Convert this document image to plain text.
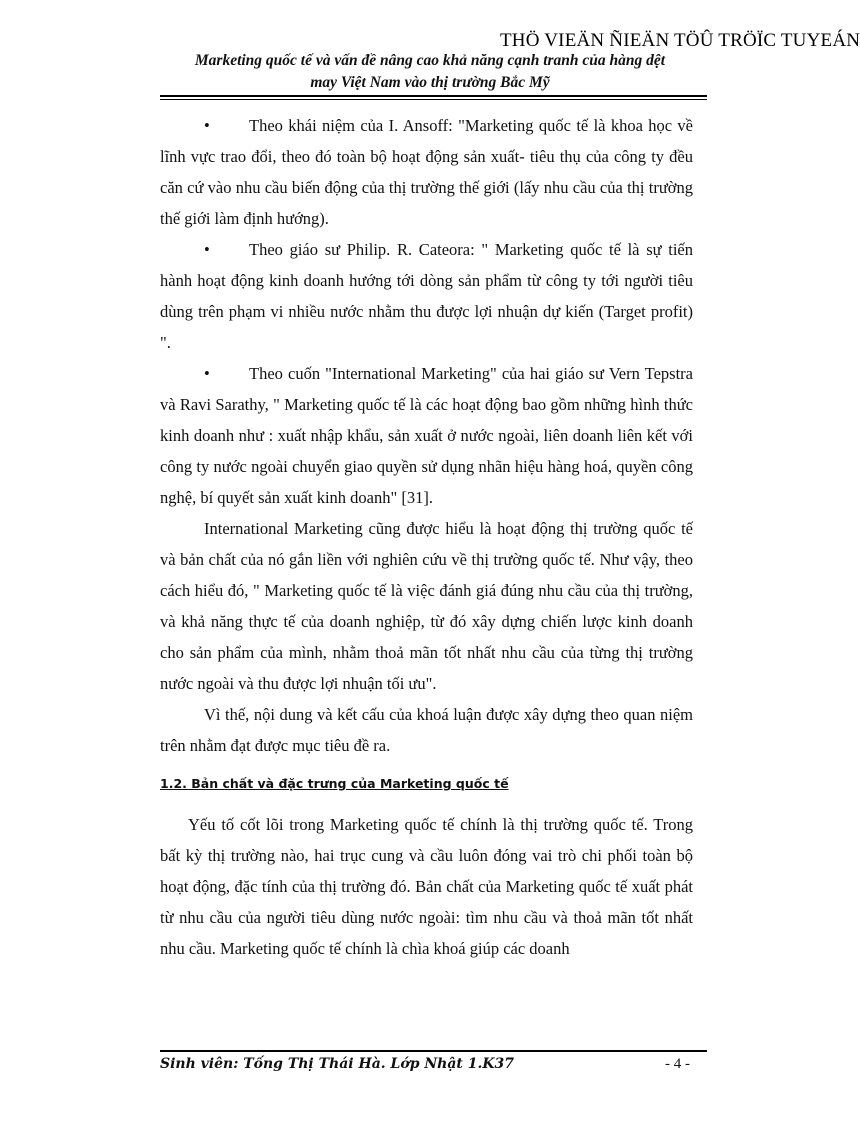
THÖ VIEÄN ÑIEÄN TÖÛ TRÖÏC TUYEÁN
Marketing quốc tế và vấn đề nâng cao khả năng cạnh tranh của hàng dệt
may Việt Nam vào thị trường Bắc Mỹ

• Theo khái niệm của I. Ansoff: "Marketing quốc tế là khoa học về lĩnh vực trao đổi, theo đó toàn bộ hoạt động sản xuất- tiêu thụ của công ty đều căn cứ vào nhu cầu biến động của thị trường thế giới (lấy nhu cầu của thị trường thế giới làm định hướng).

• Theo giáo sư Philip. R. Cateora: " Marketing quốc tế là sự tiến hành hoạt động kinh doanh hướng tới dòng sản phẩm từ công ty tới người tiêu dùng trên phạm vi nhiều nước nhằm thu được lợi nhuận dự kiến (Target profit) ".

• Theo cuốn "International Marketing" của hai giáo sư Vern Tepstra và Ravi Sarathy, " Marketing quốc tế là các hoạt động bao gồm những hình thức kinh doanh như : xuất nhập khẩu, sản xuất ở nước ngoài, liên doanh liên kết với công ty nước ngoài chuyển giao quyền sử dụng nhãn hiệu hàng hoá, quyền công nghệ, bí quyết sản xuất kinh doanh" [31].

International Marketing cũng được hiểu là hoạt động thị trường quốc tế và bản chất của nó gắn liền với nghiên cứu về thị trường quốc tế. Như vậy, theo cách hiểu đó, " Marketing quốc tế là việc đánh giá đúng nhu cầu của thị trường, và khả năng thực tế của doanh nghiệp, từ đó xây dựng chiến lược kinh doanh cho sản phẩm của mình, nhằm thoả mãn tốt nhất nhu cầu của từng thị trường nước ngoài và thu được lợi nhuận tối ưu".

Vì thế, nội dung và kết cấu của khoá luận được xây dựng theo quan niệm trên nhằm đạt được mục tiêu đề ra.

1.2. Bản chất và đặc trưng của Marketing quốc tế

Yếu tố cốt lõi trong Marketing quốc tế chính là thị trường quốc tế. Trong bất kỳ thị trường nào, hai trục cung và cầu luôn đóng vai trò chi phối toàn bộ hoạt động, đặc tính của thị trường đó. Bản chất của Marketing quốc tế xuất phát từ nhu cầu của người tiêu dùng nước ngoài: tìm nhu cầu và thoả mãn tốt nhất nhu cầu. Marketing quốc tế chính là chìa khoá giúp các doanh

Sinh viên: Tống Thị Thái Hà. Lớp Nhật 1.K37	- 4 -
